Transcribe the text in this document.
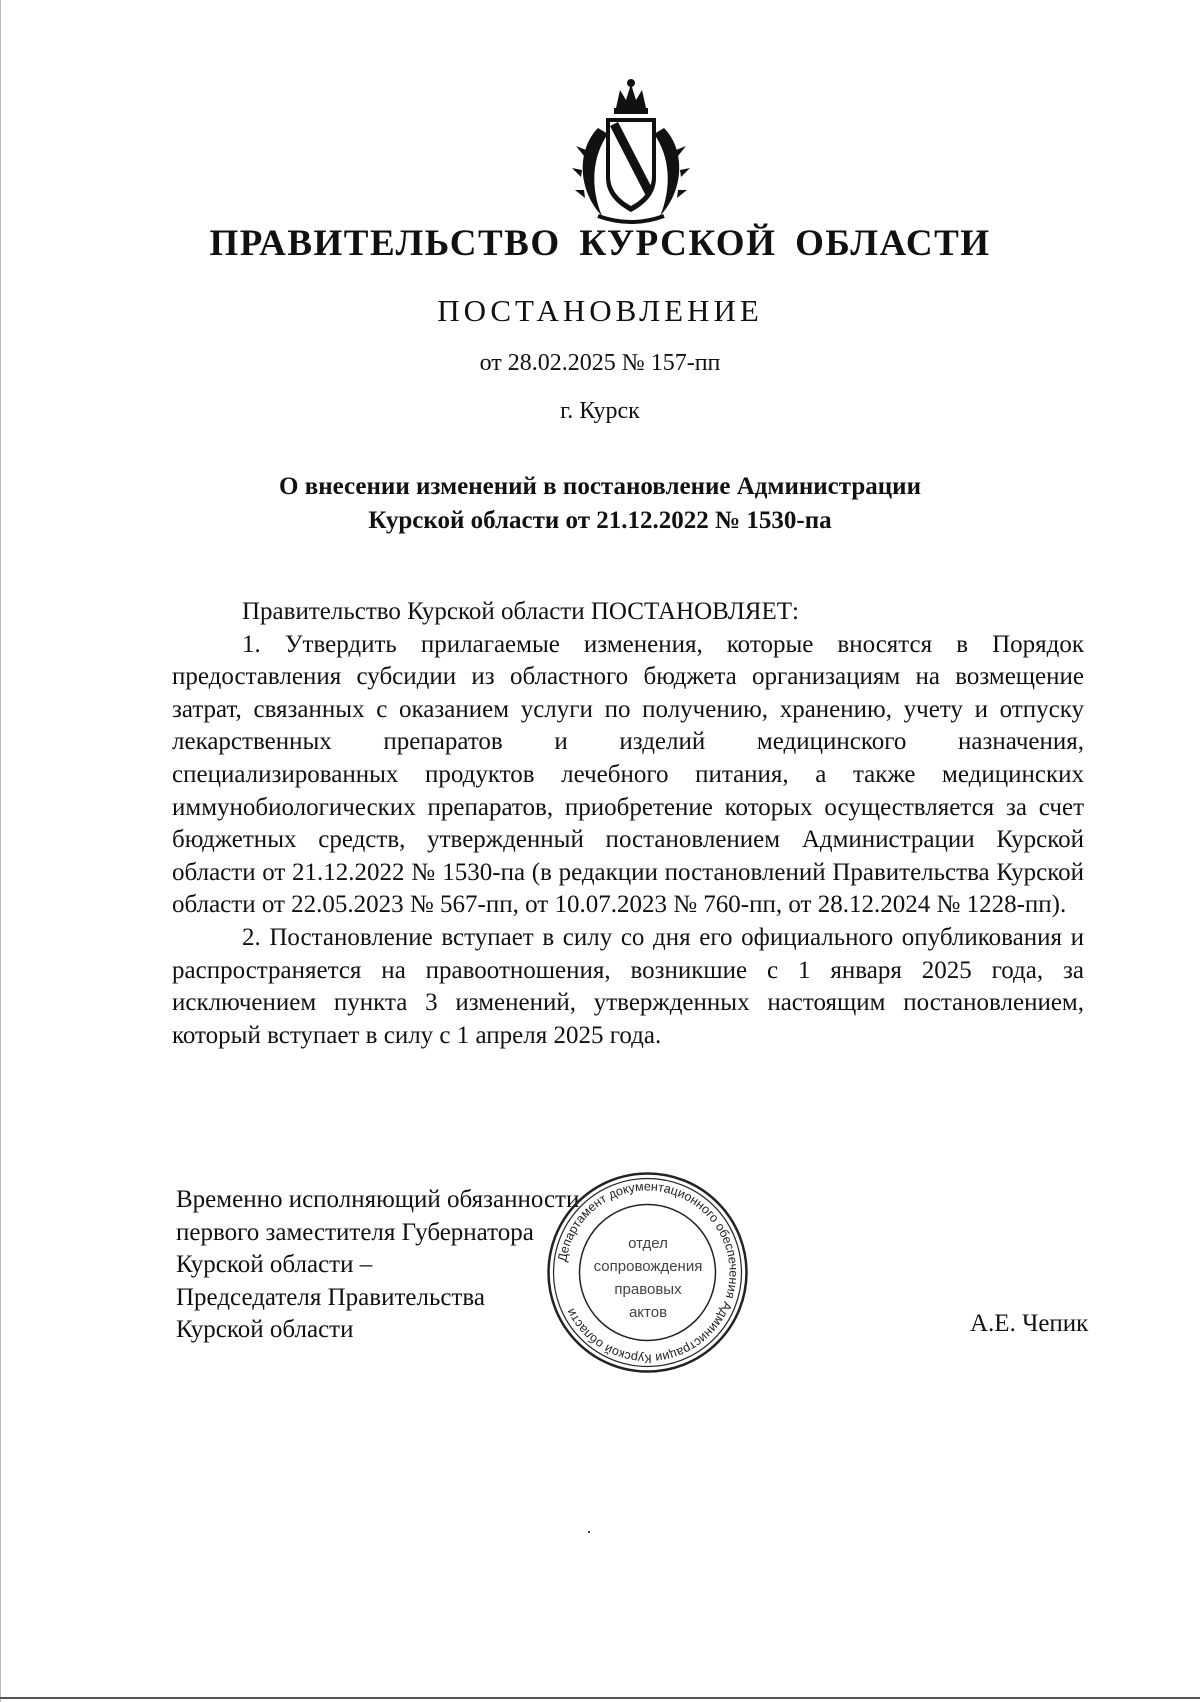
ПРАВИТЕЛЬСТВО КУРСКОЙ ОБЛАСТИ
ПОСТАНОВЛЕНИЕ
от 28.02.2025 № 157-пп
г. Курск
О внесении изменений в постановление Администрации
Курской области от 21.12.2022 № 1530-па

Правительство Курской области ПОСТАНОВЛЯЕТ:

1. Утвердить прилагаемые изменения, которые вносятся в Порядок предоставления субсидии из областного бюджета организациям на возмещение затрат, связанных с оказанием услуги по получению, хранению, учету и отпуску лекарственных препаратов и изделий медицинского назначения, специализированных продуктов лечебного питания, а также медицинских иммунобиологических препаратов, приобретение которых осуществляется за счет бюджетных средств, утвержденный постановлением Администрации Курской области от 21.12.2022 № 1530-па (в редакции постановлений Правительства Курской области от 22.05.2023 № 567-пп, от 10.07.2023 № 760-пп, от 28.12.2024 № 1228-пп).

2. Постановление вступает в силу со дня его официального опубликования и распространяется на правоотношения, возникшие с 1 января 2025 года, за исключением пункта 3 изменений, утвержденных настоящим постановлением, который вступает в силу с 1 апреля 2025 года.

Временно исполняющий обязанности
первого заместителя Губернатора
Курской области –
Председателя Правительства
Курской области	А.Е. Чепик
Департамент документационного обеспечения Администрации Курской области
отдел
сопровождения
правовых
актов
